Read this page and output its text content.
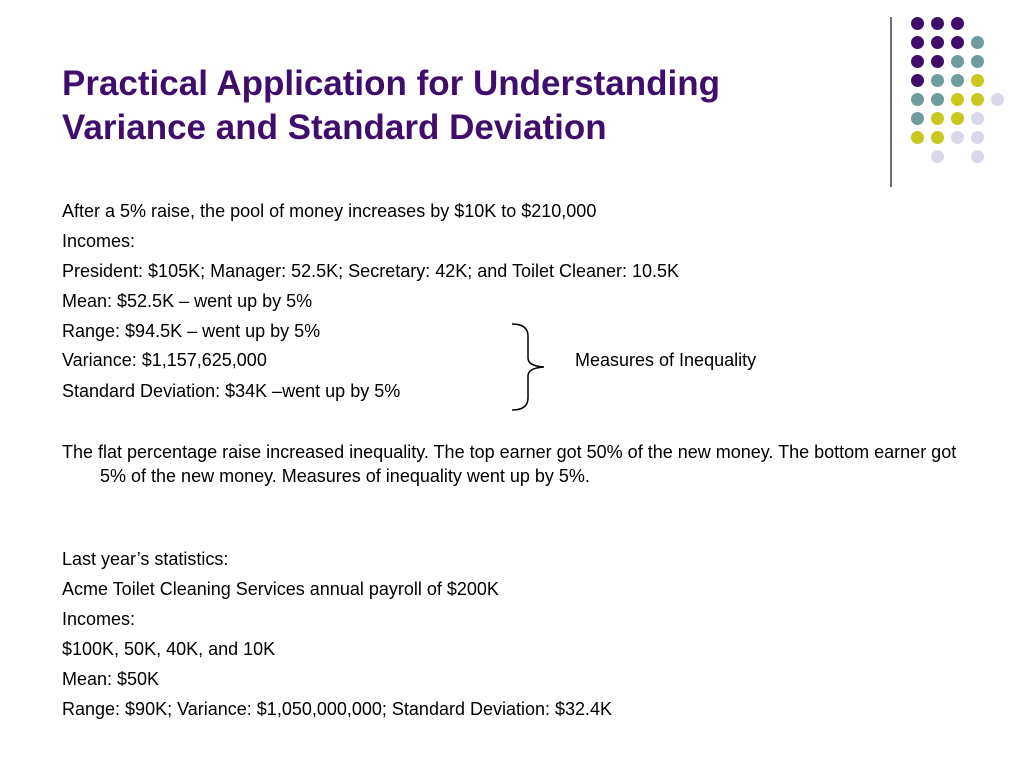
Practical Application for Understanding
Variance and Standard Deviation

After a 5% raise, the pool of money increases by $10K to $210,000

Incomes:

President: $105K; Manager: 52.5K; Secretary: 42K; and Toilet Cleaner: 10.5K

Mean: $52.5K – went up by 5%

Range: $94.5K – went up by 5%

Variance: $1,157,625,000

Standard Deviation: $34K –went up by 5%

Measures of Inequality

The flat percentage raise increased inequality. The top earner got 50% of the new money. The bottom earner got 5% of the new money. Measures of inequality went up by 5%.

Last year’s statistics:

Acme Toilet Cleaning Services annual payroll of $200K

Incomes:

$100K, 50K, 40K, and 10K

Mean: $50K

Range: $90K; Variance: $1,050,000,000; Standard Deviation: $32.4K
